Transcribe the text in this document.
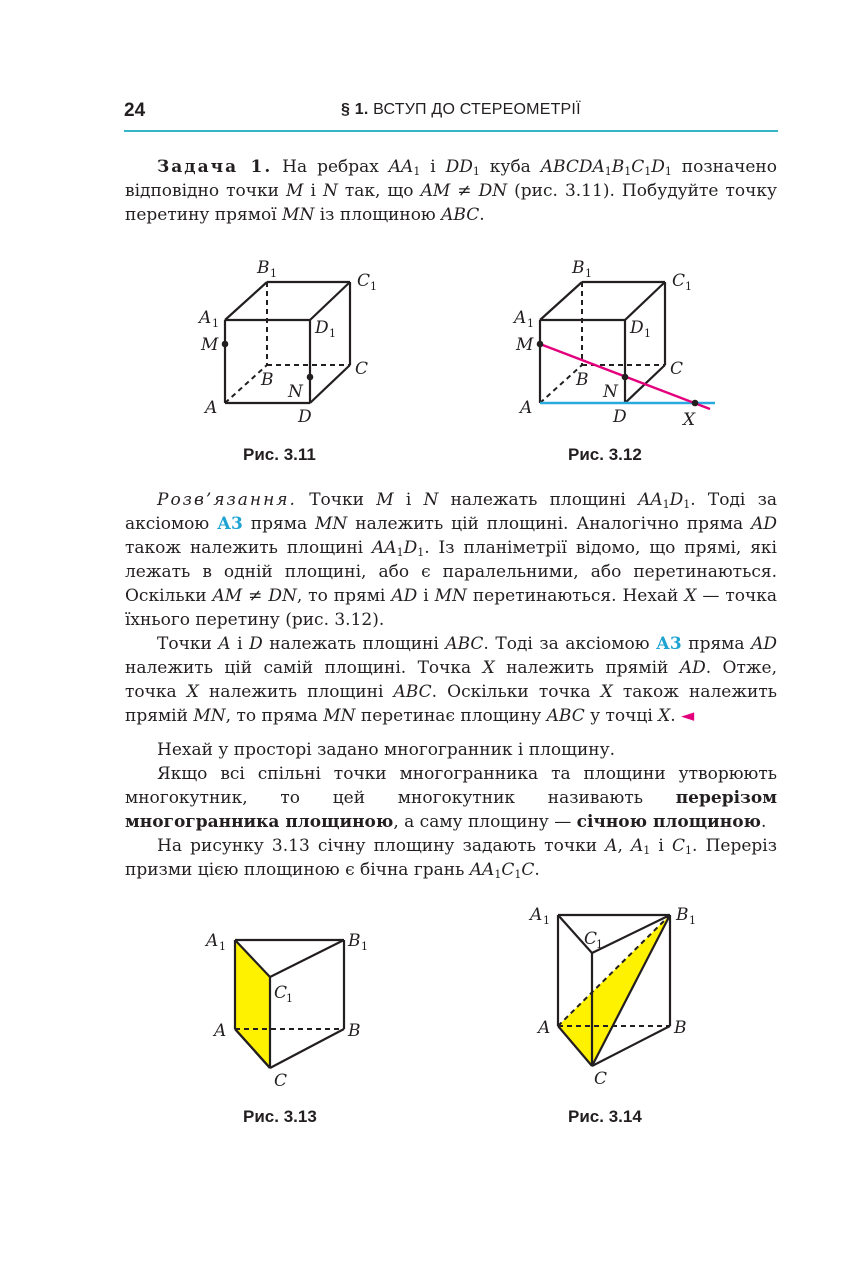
24	§ 1. ВСТУП ДО СТЕРЕОМЕТРІЇ

Задача 1. На ребрах $AA_1$ і $DD_1$ куба $ABCDA_1B_1C_1D_1$ позначено відповідно точки M і N так, що AM ≠ DN (рис. 3.11). Побудуйте точку перетину прямої MN із площиною ABC.

B 1	C 1
A 1	D 1
M
B
C
N
A	D
Рис. 3.11
B 1	C 1
A 1	D 1
M
B
C
N
A	D	X
Рис. 3.12

Розв’язання. Точки M і N належать площині $AA_1D_1$. Тоді за аксіомою А3 пряма MN належить цій площині. Аналогічно пряма AD також належить площині $AA_1D_1$. Із планіметрії відомо, що прямі, які лежать в одній площині, або є паралельними, або перетинаються. Оскільки AM ≠ DN, то прямі AD і MN перетинаються. Нехай X — точка їхнього перетину (рис. 3.12).

Точки A і D належать площині ABC. Тоді за аксіомою А3 пряма AD належить цій самій площині. Точка X належить прямій AD. Отже, точка X належить площині ABC. Оскільки точка X також належить прямій MN, то пряма MN перетинає площину ABC у точці X. ◄

Нехай у просторі задано многогранник і площину.

Якщо всі спільні точки многогранника та площини утворюють многокутник, то цей многокутник називають перерізом многогранника площиною, а саму площину — січною площиною.

На рисунку 3.13 січну площину задають точки A, $A_1$ і $C_1$. Переріз призми цією площиною є бічна грань $AA_1C_1C$.

A 1	B 1
C
1
A	B
C
Рис. 3.13
A 1	B 1
C
1
A	B
C
Рис. 3.14
